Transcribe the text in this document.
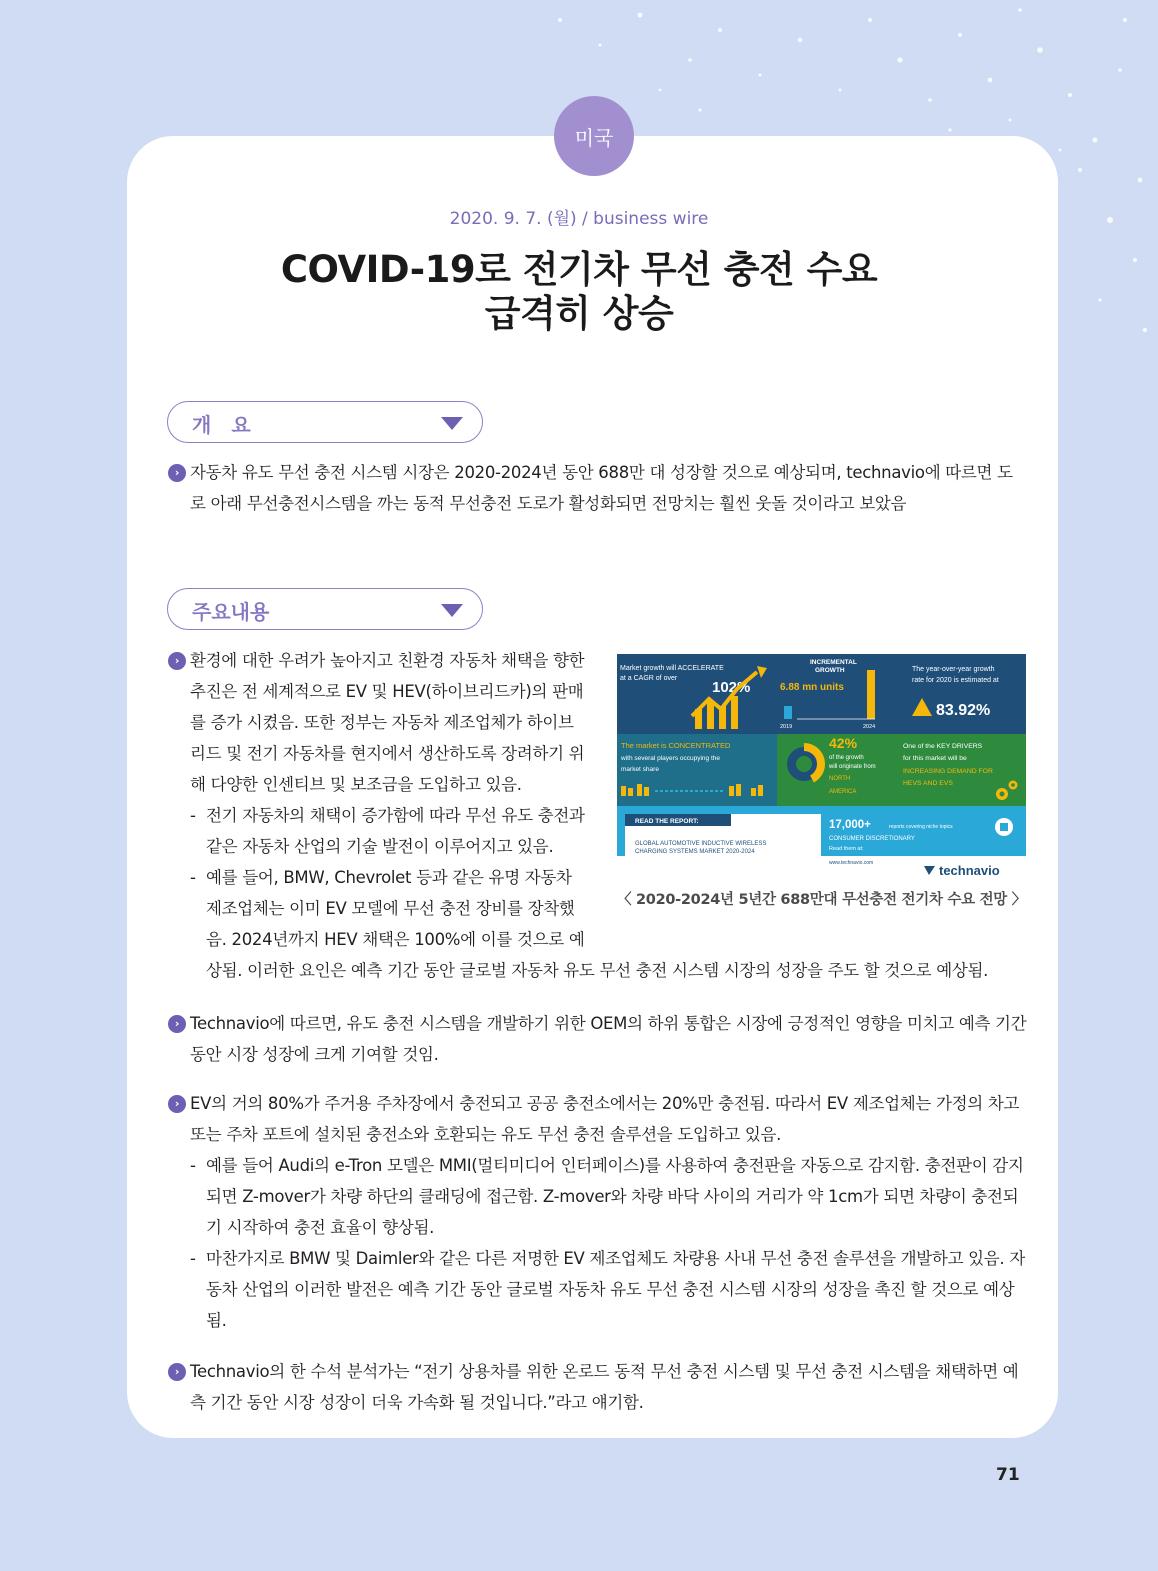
미국
2020. 9. 7. (월) / business wire
COVID-19로 전기차 무선 충전 수요
급격히 상승
개　요
› 자동차 유도 무선 충전 시스템 시장은 2020-2024년 동안 688만 대 성장할 것으로 예상되며, technavio에 따르면 도로 아래 무선충전시스템을 까는 동적 무선충전 도로가 활성화되면 전망치는 훨씬 웃돌 것이라고 보았음
주요내용
› 환경에 대한 우려가 높아지고 친환경 자동차 채택을 향한
추진은 전 세계적으로 EV 및 HEV(하이브리드카)의 판매
를 증가 시켰음. 또한 정부는 자동차 제조업체가 하이브
리드 및 전기 자동차를 현지에서 생산하도록 장려하기 위
해 다양한 인센티브 및 보조금을 도입하고 있음.
- 전기 자동차의 채택이 증가함에 따라 무선 유도 충전과
같은 자동차 산업의 기술 발전이 이루어지고 있음.
- 예를 들어, BMW, Chevrolet 등과 같은 유명 자동차
제조업체는 이미 EV 모델에 무선 충전 장비를 장착했
음. 2024년까지 HEV 채택은 100%에 이를 것으로 예
상됨. 이러한 요인은 예측 기간 동안 글로벌 자동차 유도 무선 충전 시스템 시장의 성장을 주도 할 것으로 예상됨.
Market growth will ACCELERATE
at a CAGR of over
102%
INCREMENTAL
GROWTH
6.88 mn units
2019	2024
The year-over-year growth
rate for 2020 is estimated at
83.92%
The market is CONCENTRATED
with several players occupying the
market share
42%
of the growth
will originate from
NORTH
AMERICA
One of the KEY DRIVERS
for this market will be
INCREASING DEMAND FOR
HEVS AND EVS
READ THE REPORT:
GLOBAL AUTOMOTIVE INDUCTIVE WIRELESS
CHARGING SYSTEMS MARKET 2020-2024
17,000+	reports covering niche topics
CONSUMER DISCRETIONARY
Read them at:
www.technavio.com	technavio
〈 2020-2024년 5년간 688만대 무선충전 전기차 수요 전망 〉
› Technavio에 따르면, 유도 충전 시스템을 개발하기 위한 OEM의 하위 통합은 시장에 긍정적인 영향을 미치고 예측 기간 동안 시장 성장에 크게 기여할 것임.
› EV의 거의 80%가 주거용 주차장에서 충전되고 공공 충전소에서는 20%만 충전됨. 따라서 EV 제조업체는 가정의 차고 또는 주차 포트에 설치된 충전소와 호환되는 유도 무선 충전 솔루션을 도입하고 있음.
- 예를 들어 Audi의 e-Tron 모델은 MMI(멀티미디어 인터페이스)를 사용하여 충전판을 자동으로 감지함. 충전판이 감지되면 Z-mover가 차량 하단의 클래딩에 접근함. Z-mover와 차량 바닥 사이의 거리가 약 1cm가 되면 차량이 충전되기 시작하여 충전 효율이 향상됨.
- 마찬가지로 BMW 및 Daimler와 같은 다른 저명한 EV 제조업체도 차량용 사내 무선 충전 솔루션을 개발하고 있음. 자동차 산업의 이러한 발전은 예측 기간 동안 글로벌 자동차 유도 무선 충전 시스템 시장의 성장을 촉진 할 것으로 예상됨.
› Technavio의 한 수석 분석가는 “전기 상용차를 위한 온로드 동적 무선 충전 시스템 및 무선 충전 시스템을 채택하면 예측 기간 동안 시장 성장이 더욱 가속화 될 것입니다.”라고 얘기함.
71
